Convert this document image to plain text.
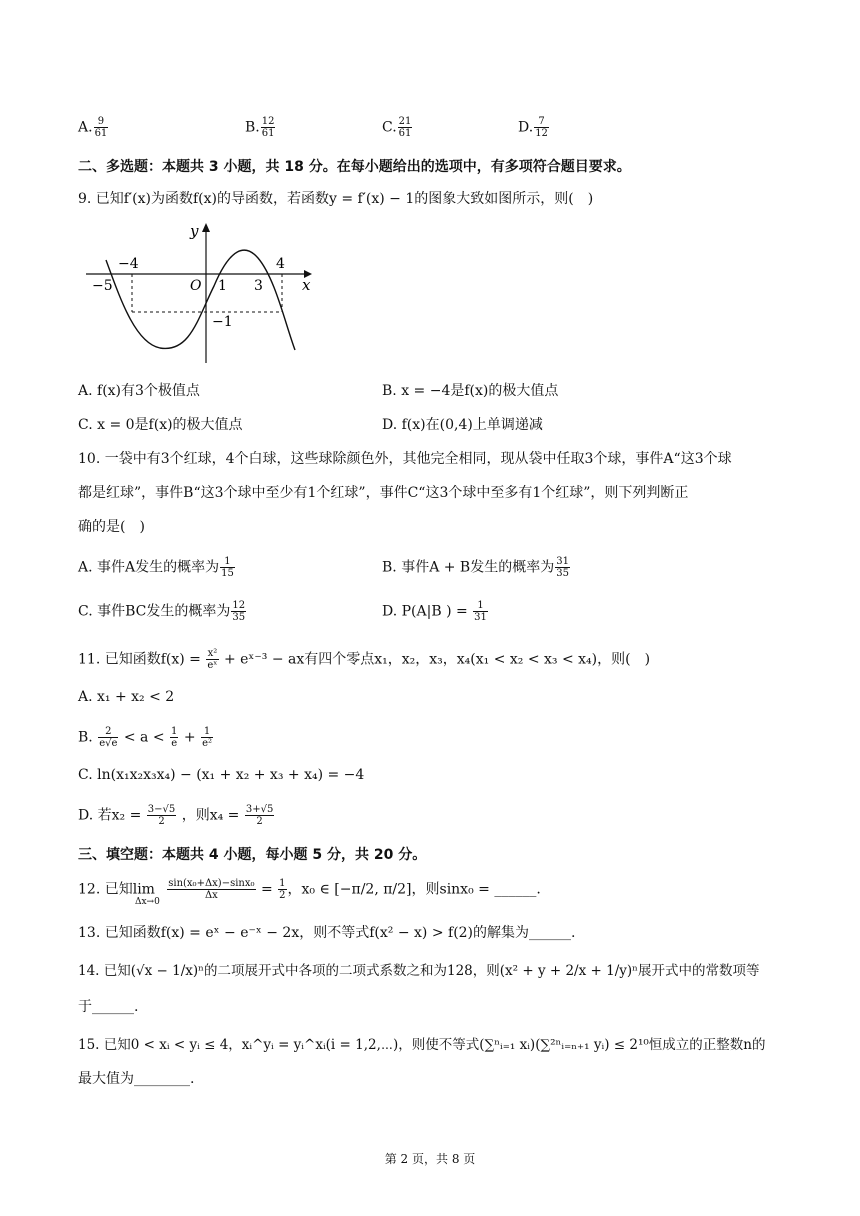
A. $\frac{9}{61}$	B. $\frac{12}{61}$	C. $\frac{21}{61}$	D. $\frac{7}{12}$
二、多选题：本题共 3 小题，共 18 分。在每小题给出的选项中，有多项符合题目要求。
9. 已知f′(x)为函数f(x)的导函数，若函数y = f′(x) − 1的图象大致如图所示，则(　)
y
x
O
−5
−4
1 3
4
−1
A. f(x)有3个极值点	B. x = −4是f(x)的极大值点
C. x = 0是f(x)的极大值点	D. f(x)在(0,4)上单调递减
10. 一袋中有3个红球，4个白球，这些球除颜色外，其他完全相同，现从袋中任取3个球，事件A“这3个球
都是红球”，事件B“这3个球中至少有1个红球”，事件C“这3个球中至多有1个红球”，则下列判断正
确的是(　)
A. 事件A发生的概率为 $\frac{1}{15}$	B. 事件A + B发生的概率为 $\frac{31}{35}$
C. 事件BC发生的概率为 $\frac{12}{35}$	D. P(A|B ) = $\frac{1}{31}$
11. 已知函数$f(x) = \frac{\text{x²}}{\text{eˣ}}$ + eˣ⁻³ − ax有四个零点x₁，x₂，x₃，x₄(x₁ < x₂ < x₃ < x₄)，则(　)
A. x₁ + x₂ < 2
B. $\frac{2}{e√e} < a < \frac{1}{e} + \frac{1}{\text{e²}}$
C. ln(x₁x₂x₃x₄) − (x₁ + x₂ + x₃ + x₄) = −4
D. 若$x_2 = \frac{3-√5}{2}$ ，则$x_4 = \frac{3+√5}{2}$
三、填空题：本题共 4 小题，每小题 5 分，共 20 分。
12. 已知limΔx→0
$\frac{\text{sin(x₀+Δx)−sinx₀}}{\Delta x} = \frac{1}{2}$ ，x₀ ∈ [−π/2, π/2]，则sinx₀ = ______.
13. 已知函数f(x) = eˣ − e⁻ˣ − 2x，则不等式f(x² − x) > f(2)的解集为______.
14. 已知(√x − 1/x)ⁿ的二项展开式中各项的二项式系数之和为128，则(x² + y + 2/x + 1/y)ⁿ展开式中的常数项等
于______.
15. 已知0 < xᵢ < yᵢ ≤ 4，xᵢ^yᵢ = yᵢ^xᵢ(i = 1,2,⋯)，则使不等式(∑ⁿᵢ₌₁ xᵢ)(∑²ⁿᵢ₌ₙ₊₁ yᵢ) ≤ 2¹⁰恒成立的正整数n的
最大值为________.
第 2 页，共 8 页
